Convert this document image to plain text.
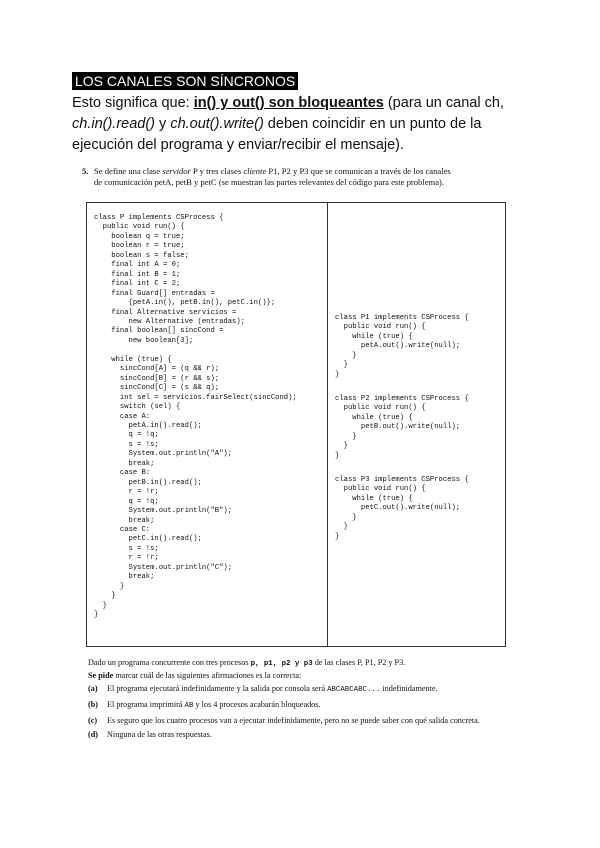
LOS CANALES SON SÍNCRONOS
Esto significa que: in() y out() son bloqueantes (para un canal ch,
ch.in().read() y ch.out().write() deben coincidir en un punto de la
ejecución del programa y enviar/recibir el mensaje).
5. Se define una clase servidor P y tres clases cliente P1, P2 y P3 que se comunican a través de los canales
de comunicación petA, petB y petC (se muestran las partes relevantes del código para este problema).
class P implements CSProcess {
public void run() {
boolean q = true;
boolean r = true;
boolean s = false;
final int A = 0;
final int B = 1;
final int C = 2;
final Guard[] entradas =
{petA.in(), petB.in(), petC.in()};
final Alternative servicios =
new Alternative (entradas);
final boolean[] sincCond =
new boolean[3];

while (true) {
sincCond[A] = (q && r);
sincCond[B] = (r && s);
sincCond[C] = (s && q);
int sel = servicios.fairSelect(sincCond);
switch (sel) {
case A:
petA.in().read();
q = !q;
s = !s;
System.out.println("A");
break;
case B:
petB.in().read();
r = !r;
q = !q;
System.out.println("B");
break;
case C:
petC.in().read();
s = !s;
r = !r;
System.out.println("C");
break;
}
}
}
}
class P1 implements CSProcess {
public void run() {
while (true) {
petA.out().write(null);
}
}
}
class P2 implements CSProcess {
public void run() {
while (true) {
petB.out().write(null);
}
}
}
class P3 implements CSProcess {
public void run() {
while (true) {
petC.out().write(null);
}
}
}
Dado un programa concurrente con tres procesos p, p1, p2 y p3 de las clases P, P1, P2 y P3.
Se pide marcar cuál de las siguientes afirmaciones es la correcta:
(a) El programa ejecutará indefinidamente y la salida por consola será ABCABCABC... indefinidamente.
(b) El programa imprimirá AB y los 4 procesos acabarán bloqueados.
(c) Es seguro que los cuatro procesos van a ejecutar indefinidamente, pero no se puede saber con qué salida concreta.
(d) Ninguna de las otras respuestas.
